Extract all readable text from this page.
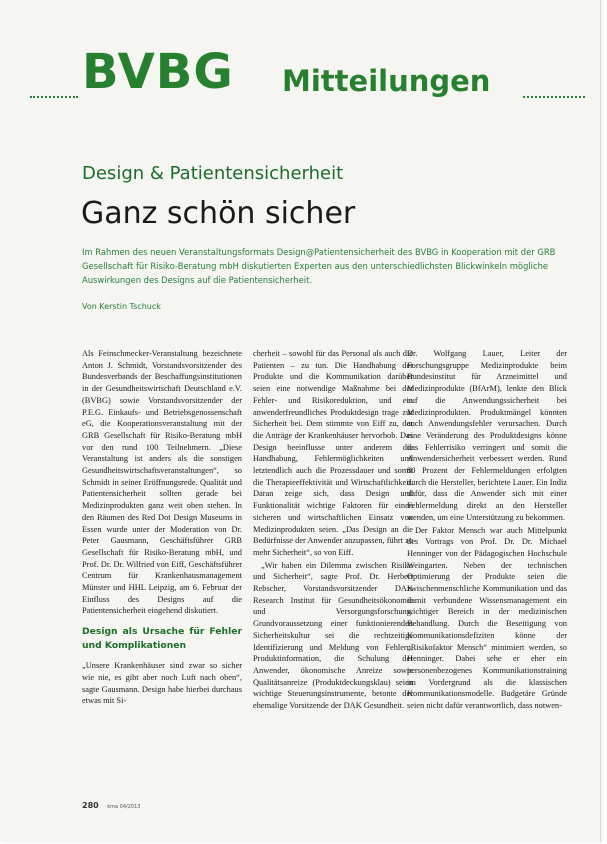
BVBG Mitteilungen
Design & Patientensicherheit
Ganz schön sicher
Im Rahmen des neuen Veranstaltungsformats Design@Patientensicherheit des BVBG in Kooperation mit der GRB Gesellschaft für Risiko-Beratung mbH diskutierten Experten aus den unterschiedlichsten Blickwinkeln mögliche Auswirkungen des Designs auf die Patientensicherheit.
Von Kerstin Tschuck

Als Feinschmecker-Veranstaltung bezeichnete Anton J. Schmidt, Vorstandsvorsitzender des Bundesverbands der Beschaffungsinstitutionen in der Gesundheitswirtschaft Deutschland e.V. (BVBG) sowie Vorstandsvorsitzender der P.E.G. Einkaufs- und Betriebsgenossenschaft eG, die Kooperationsveranstaltung mit der GRB Gesellschaft für Risiko-Beratung mbH vor den rund 100 Teilnehmern. „Diese Veranstaltung ist anders als die sonstigen Gesundheitswirtschaftsveranstaltungen“, so Schmidt in seiner Eröffnungsrede. Qualität und Patientensicherheit sollten gerade bei Medizinprodukten ganz weit oben stehen. In den Räumen des Red Dot Design Museums in Essen wurde unter der Moderation von Dr. Peter Gausmann, Geschäftsführer GRB Gesellschaft für Risiko-Beratung mbH, und Prof. Dr. Dr. Wilfried von Eiff, Geschäftsführer Centrum für Krankenhausmanagement Münster und HHL Leipzig, am 6. Februar der Einfluss des Designs auf die Patientensicherheit eingehend diskutiert.

Design als Ursache für Fehler und Komplikationen

„Unsere Krankenhäuser sind zwar so sicher wie nie, es gibt aber noch Luft nach oben“, sagte Gausmann. Design habe hierbei durchaus etwas mit Si-

cherheit – sowohl für das Personal als auch die Patienten – zu tun. Die Handhabung der Produkte und die Kommunikation darüber seien eine notwendige Maßnahme bei der Fehler- und Risikoreduktion, und ein anwenderfreundliches Produktdesign trage zur Sicherheit bei. Dem stimmte von Eiff zu, der die Anträge der Krankenhäuser hervorhob. Das Design beeinflusse unter anderem die Handhabung, Fehlermöglichkeiten und letztendlich auch die Prozessdauer und somit die Therapieeffektivität und Wirtschaftlichkeit. Daran zeige sich, dass Design und Funktionalität wichtige Faktoren für einen sicheren und wirtschaftlichen Einsatz von Medizinprodukten seien. „Das Design an die Bedürfnisse der Anwender anzupassen, führt zu mehr Sicherheit“, so von Eiff.

„Wir haben ein Dilemma zwischen Risiko und Sicherheit“, sagte Prof. Dr. Herbert Rebscher, Vorstandsvorsitzender DAK Research Institut für Gesundheitsökonomie und Versorgungsforschung. Grundvoraussetzung einer funktionierenden Sicherheitskultur sei die rechtzeitige Identifizierung und Meldung von Fehlern. Produktinformation, die Schulung der Anwender, ökonomische Anreize sowie Qualitätsanreize (Produktdeckungsklau) seien wichtige Steuerungsinstrumente, betonte der ehemalige Vorsitzende der DAK Gesundheit.

Dr. Wolfgang Lauer, Leiter der Forschungsgruppe Medizinprodukte beim Bundesinstitut für Arzneimittel und Medizinprodukte (BfArM), lenkte den Blick auf die Anwendungssicherheit bei Medizinprodukten. Produktmängel könnten auch Anwendungsfehler verursachen. Durch eine Veränderung des Produktdesigns könne das Fehlerrisiko verringert und somit die Anwendersicherheit verbessert werden. Rund 80 Prozent der Fehlermeldungen erfolgten durch die Hersteller, berichtete Lauer. Ein Indiz dafür, dass die Anwender sich mit einer Fehlermeldung direkt an den Hersteller wenden, um eine Unterstützung zu bekommen.

Der Faktor Mensch war auch Mittelpunkt des Vortrags von Prof. Dr. Dr. Michael Henninger von der Pädagogischen Hochschule Weingarten. Neben der technischen Optimierung der Produkte seien die zwischenmenschliche Kommunikation und das damit verbundene Wissensmanagement ein wichtiger Bereich in der medizinischen Behandlung. Durch die Beseitigung von Kommunikationsdefiziten könne der „Risikofaktor Mensch“ minimiert werden, so Henninger. Dabei sehe er eher ein personenbezogenes Kommunikationstraining im Vordergrund als die klassischen Kommunikationsmodelle. Budgetäre Gründe seien nicht dafür verantwortlich, dass notwen-

280 kma 04/2013
